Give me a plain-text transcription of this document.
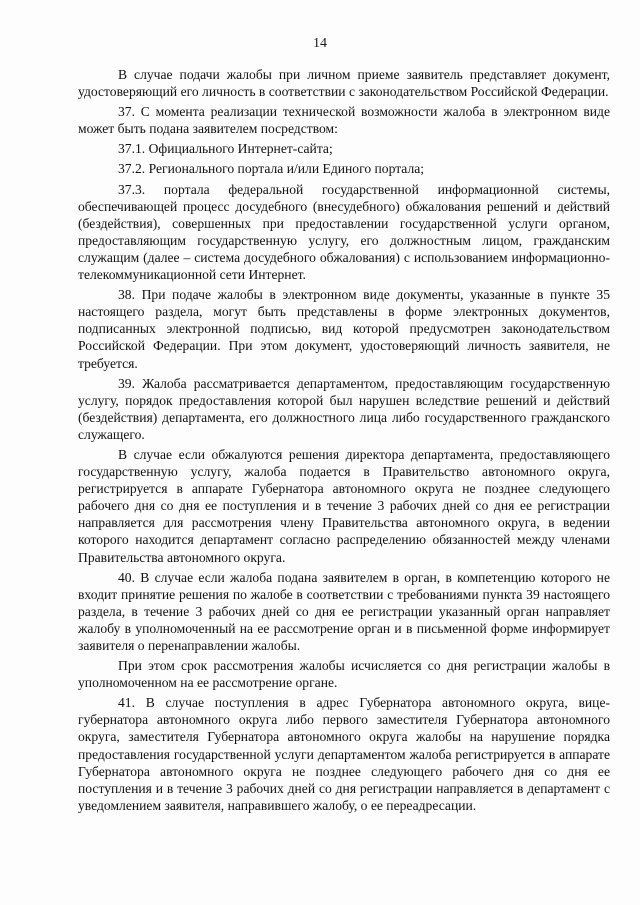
14

В случае подачи жалобы при личном приеме заявитель представляет документ, удостоверяющий его личность в соответствии с законодательством Российской Федерации.

37. С момента реализации технической возможности жалоба в электронном виде может быть подана заявителем посредством:

37.1. Официального Интернет-сайта;

37.2. Регионального портала и/или Единого портала;

37.3. портала федеральной государственной информационной системы, обеспечивающей процесс досудебного (внесудебного) обжалования решений и действий (бездействия), совершенных при предоставлении государственной услуги органом, предоставляющим государственную услугу, его должностным лицом, гражданским служащим (далее – система досудебного обжалования) с использованием информационно-телекоммуникационной сети Интернет.

38. При подаче жалобы в электронном виде документы, указанные в пункте 35 настоящего раздела, могут быть представлены в форме электронных документов, подписанных электронной подписью, вид которой предусмотрен законодательством Российской Федерации. При этом документ, удостоверяющий личность заявителя, не требуется.

39. Жалоба рассматривается департаментом, предоставляющим государственную услугу, порядок предоставления которой был нарушен вследствие решений и действий (бездействия) департамента, его должностного лица либо государственного гражданского служащего.

В случае если обжалуются решения директора департамента, предоставляющего государственную услугу, жалоба подается в Правительство автономного округа, регистрируется в аппарате Губернатора автономного округа не позднее следующего рабочего дня со дня ее поступления и в течение 3 рабочих дней со дня ее регистрации направляется для рассмотрения члену Правительства автономного округа, в ведении которого находится департамент согласно распределению обязанностей между членами Правительства автономного округа.

40. В случае если жалоба подана заявителем в орган, в компетенцию которого не входит принятие решения по жалобе в соответствии с требованиями пункта 39 настоящего раздела, в течение 3 рабочих дней со дня ее регистрации указанный орган направляет жалобу в уполномоченный на ее рассмотрение орган и в письменной форме информирует заявителя о перенаправлении жалобы.

При этом срок рассмотрения жалобы исчисляется со дня регистрации жалобы в уполномоченном на ее рассмотрение органе.

41. В случае поступления в адрес Губернатора автономного округа, вице-губернатора автономного округа либо первого заместителя Губернатора автономного округа, заместителя Губернатора автономного округа жалобы на нарушение порядка предоставления государственной услуги департаментом жалоба регистрируется в аппарате Губернатора автономного округа не позднее следующего рабочего дня со дня ее поступления и в течение 3 рабочих дней со дня регистрации направляется в департамент с уведомлением заявителя, направившего жалобу, о ее переадресации.
